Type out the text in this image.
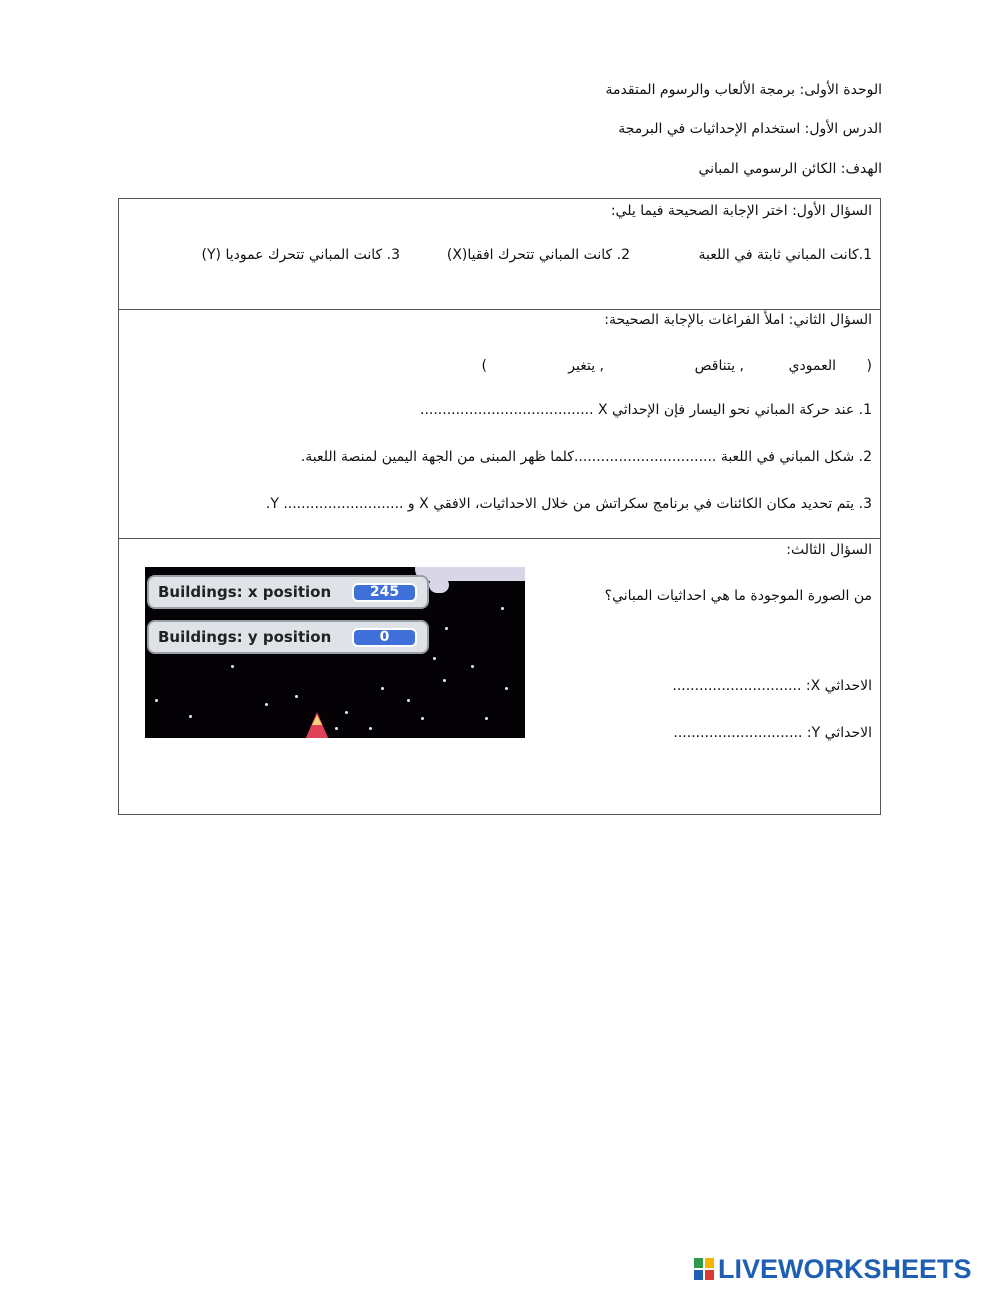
الوحدة الأولى: برمجة الألعاب والرسوم المتقدمة
الدرس الأول: استخدام الإحداثيات في البرمجة
الهدف: الكائن الرسومي المباني
السؤال الأول: اختر الإجابة الصحيحة فيما يلي:
1.كانت المباني ثابتة في اللعبة
2. كانت المباني تتحرك افقيا(X)
3. كانت المباني تتحرك عموديا (Y)
السؤال الثاني: املأ الفراغات بالإجابة الصحيحة:
(
العمودي
, يتناقص
, يتغير
)
1. عند حركة المباني نحو اليسار فإن الإحداثي X .......................................
2. شكل المباني في اللعبة ................................كلما ظهر المبنى من الجهة اليمين لمنصة اللعبة.
3. يتم تحديد مكان الكائنات في برنامج سكراتش من خلال الاحداثيات، الافقي X و ........................... Y.
السؤال الثالث:
من الصورة الموجودة ما هي احداثيات المباني؟
الاحداثي X: .............................
الاحداثي Y: .............................
Buildings: x position	245
Buildings: y position	0
LIVEWORKSHEETS
